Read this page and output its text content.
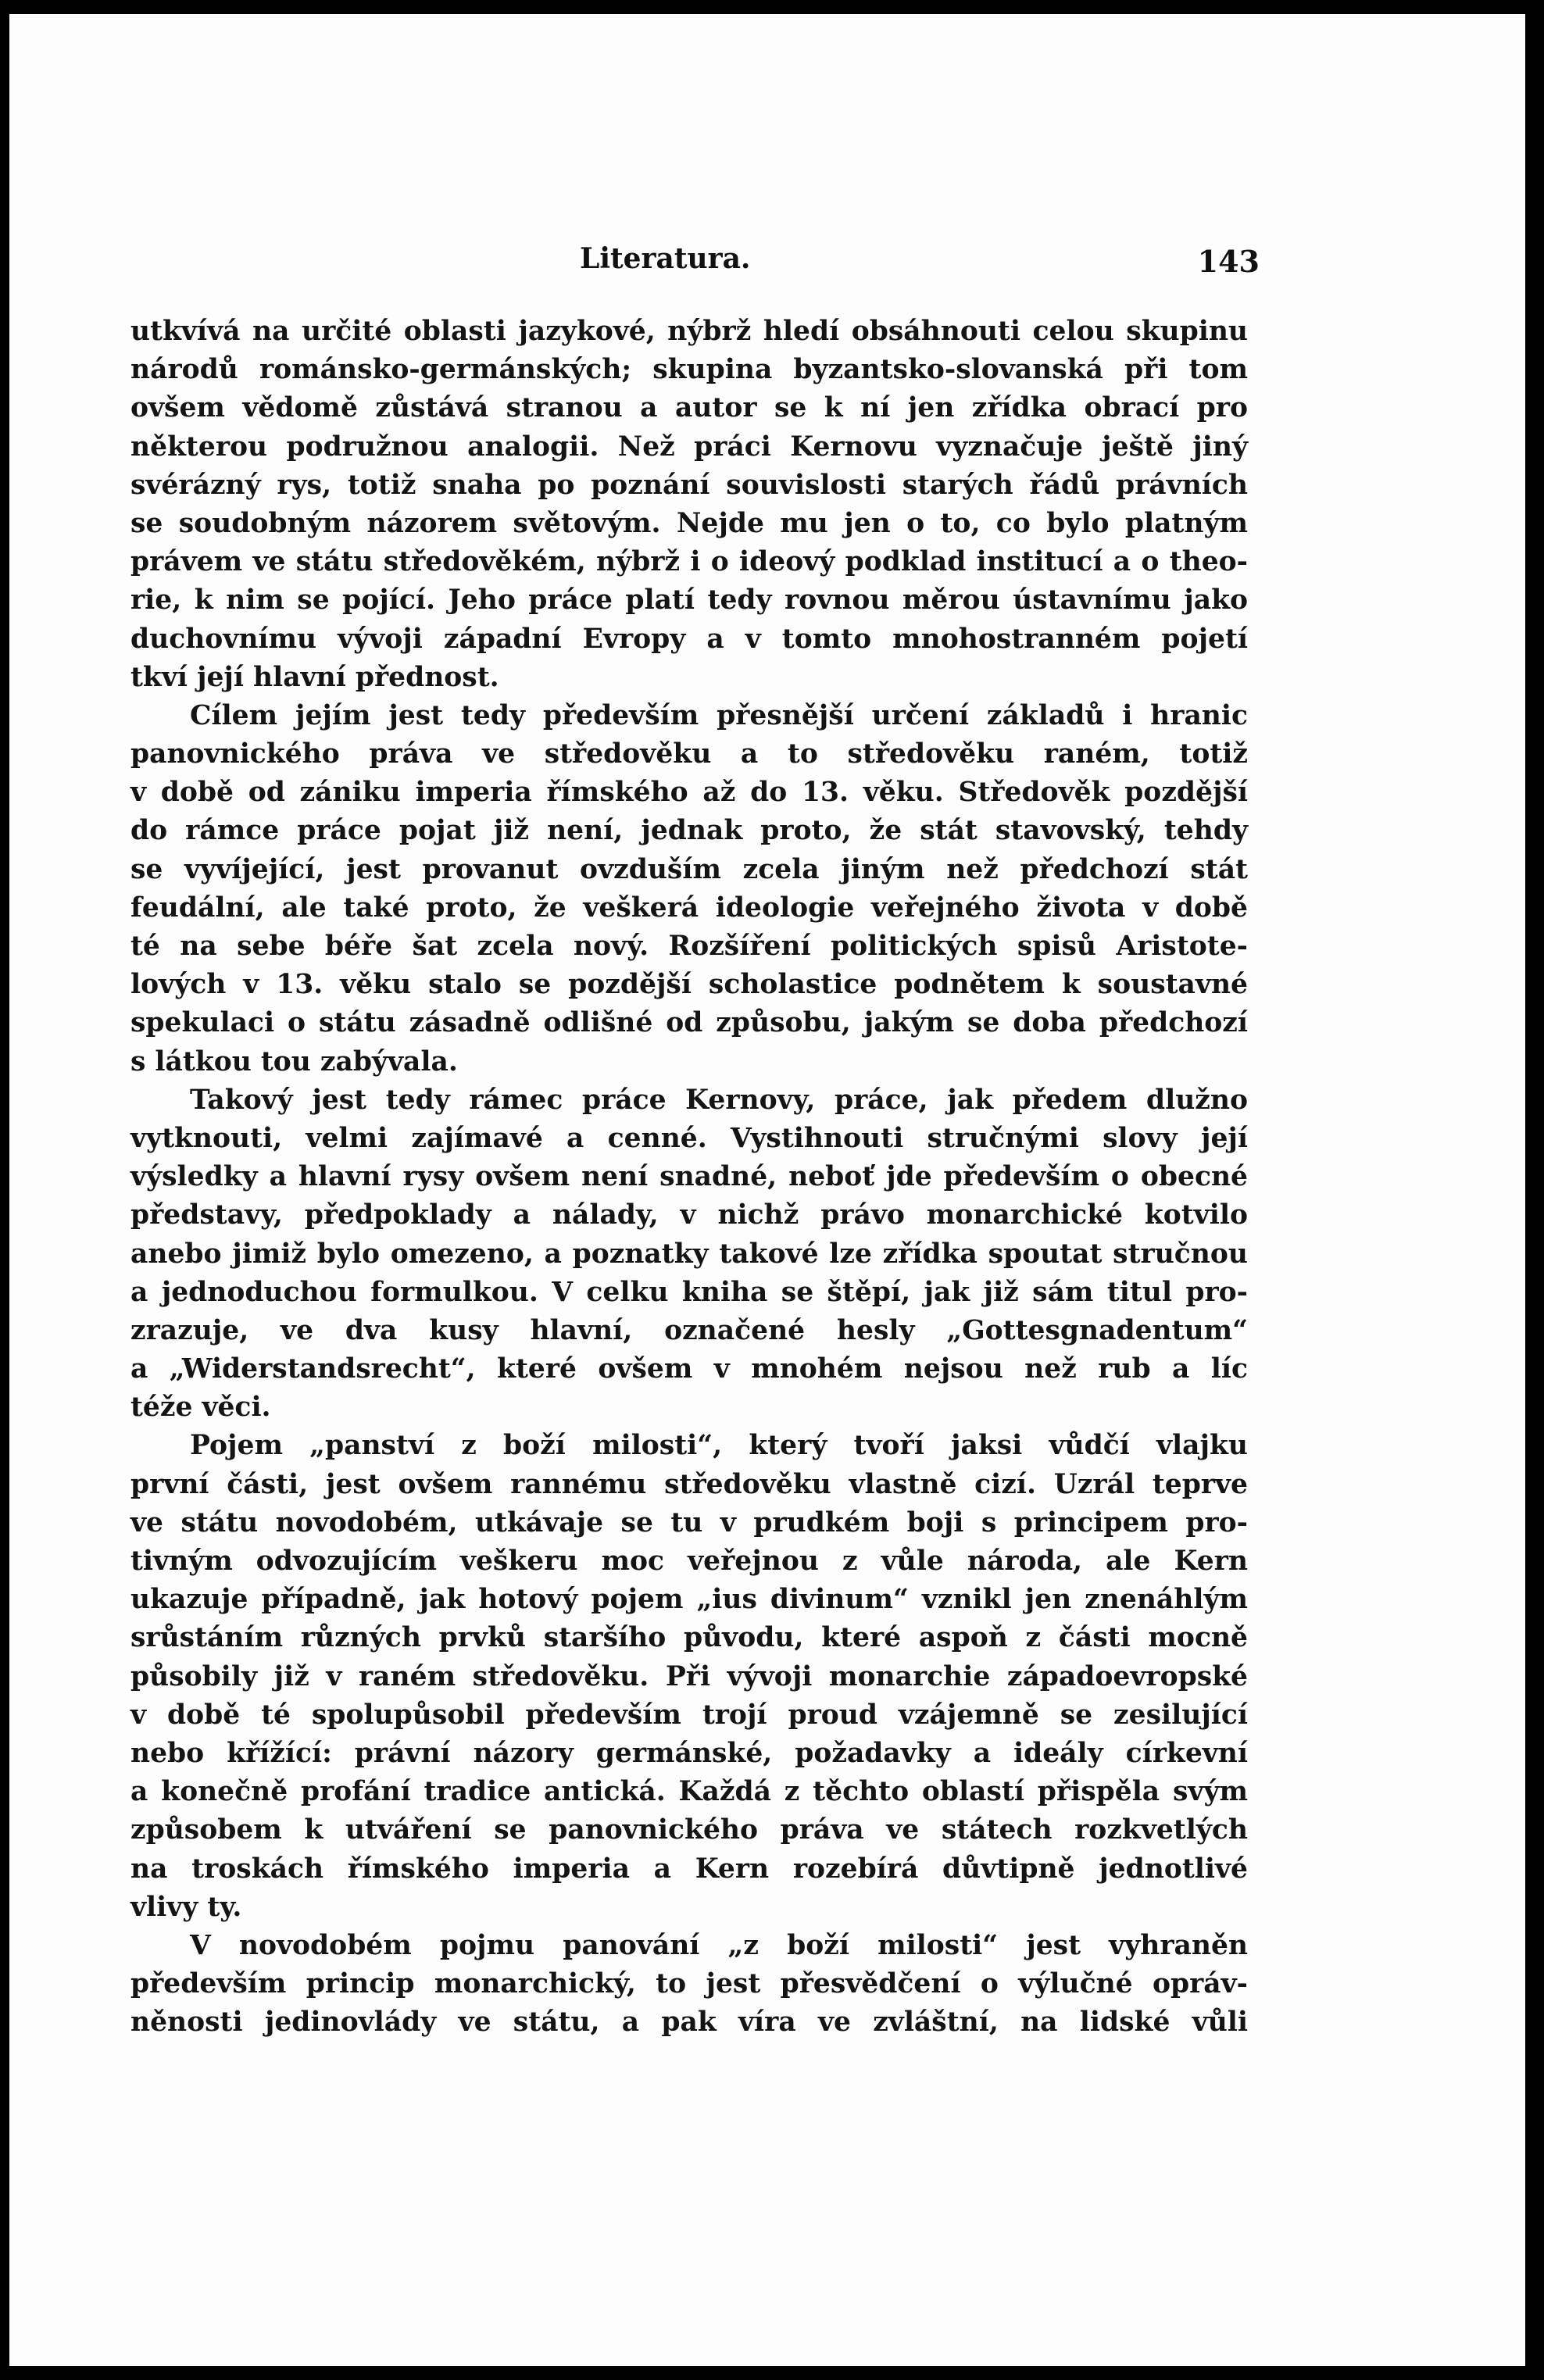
Literatura.	143
utkvívá na určité oblasti jazykové, nýbrž hledí obsáhnouti celou skupinu
národů románsko-germánských; skupina byzantsko-slovanská při tom
ovšem vědomě zůstává stranou a autor se k ní jen zřídka obrací pro
některou podružnou analogii. Než práci Kernovu vyznačuje ještě jiný
svérázný rys, totiž snaha po poznání souvislosti starých řádů právních
se soudobným názorem světovým. Nejde mu jen o to, co bylo platným
právem ve státu středověkém, nýbrž i o ideový podklad institucí a o theo-
rie, k nim se pojící. Jeho práce platí tedy rovnou měrou ústavnímu jako
duchovnímu vývoji západní Evropy a v tomto mnohostranném pojetí
tkví její hlavní přednost.
Cílem jejím jest tedy především přesnější určení základů i hranic
panovnického práva ve středověku a to středověku raném, totiž
v době od zániku imperia římského až do 13. věku. Středověk pozdější
do rámce práce pojat již není, jednak proto, že stát stavovský, tehdy
se vyvíjející, jest provanut ovzduším zcela jiným než předchozí stát
feudální, ale také proto, že veškerá ideologie veřejného života v době
té na sebe béře šat zcela nový. Rozšíření politických spisů Aristote-
lových v 13. věku stalo se pozdější scholastice podnětem k soustavné
spekulaci o státu zásadně odlišné od způsobu, jakým se doba předchozí
s látkou tou zabývala.
Takový jest tedy rámec práce Kernovy, práce, jak předem dlužno
vytknouti, velmi zajímavé a cenné. Vystihnouti stručnými slovy její
výsledky a hlavní rysy ovšem není snadné, neboť jde především o obecné
představy, předpoklady a nálady, v nichž právo monarchické kotvilo
anebo jimiž bylo omezeno, a poznatky takové lze zřídka spoutat stručnou
a jednoduchou formulkou. V celku kniha se štěpí, jak již sám titul pro-
zrazuje, ve dva kusy hlavní, označené hesly „Gottesgnadentum“
a „Widerstandsrecht“, které ovšem v mnohém nejsou než rub a líc
téže věci.
Pojem „panství z boží milosti“, který tvoří jaksi vůdčí vlajku
první části, jest ovšem rannému středověku vlastně cizí. Uzrál teprve
ve státu novodobém, utkávaje se tu v prudkém boji s principem pro-
tivným odvozujícím veškeru moc veřejnou z vůle národa, ale Kern
ukazuje případně, jak hotový pojem „ius divinum“ vznikl jen znenáhlým
srůstáním různých prvků staršího původu, které aspoň z části mocně
působily již v raném středověku. Při vývoji monarchie západoevropské
v době té spolupůsobil především trojí proud vzájemně se zesilující
nebo křížící: právní názory germánské, požadavky a ideály církevní
a konečně profání tradice antická. Každá z těchto oblastí přispěla svým
způsobem k utváření se panovnického práva ve státech rozkvetlých
na troskách římského imperia a Kern rozebírá důvtipně jednotlivé
vlivy ty.
V novodobém pojmu panování „z boží milosti“ jest vyhraněn
především princip monarchický, to jest přesvědčení o výlučné opráv-
něnosti jedinovlády ve státu, a pak víra ve zvláštní, na lidské vůli
